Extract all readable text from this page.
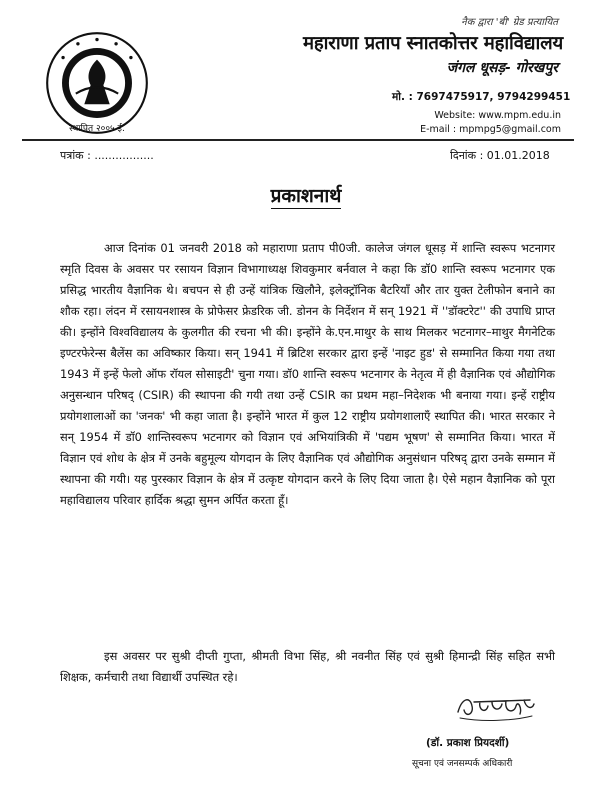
स्थापित २००५ ई.
नैक द्वारा 'बी' ग्रेड प्रत्यायित
महाराणा प्रताप स्नातकोत्तर महाविद्यालय
जंगल धूसड़- गोरखपुर
मो. : 7697475917, 9794299451
Website: www.mpm.edu.in
E-mail : mpmpg5@gmail.com
पत्रांक : .................	दिनांक : 01.01.2018
प्रकाशनार्थ
आज दिनांक 01 जनवरी 2018 को महाराणा प्रताप पी0जी. कालेज जंगल धूसड़ में शान्ति स्वरूप भटनागर स्मृति दिवस के अवसर पर रसायन विज्ञान विभागाध्यक्ष शिवकुमार बर्नवाल ने कहा कि डॉ0 शान्ति स्वरूप भटनागर एक प्रसिद्ध भारतीय वैज्ञानिक थे। बचपन से ही उन्हें यांत्रिक खिलौने, इलेक्ट्रॉनिक बैटरियाँ और तार युक्त टेलीफोन बनाने का शौक रहा। लंदन में रसायनशास्त्र के प्रोफेसर फ्रेडरिक जी. डोनन के निर्देशन में सन् 1921 में ''डॉक्टरेट'' की उपाधि प्राप्त की। इन्होंने विश्वविद्यालय के कुलगीत की रचना भी की। इन्होंने के.एन.माथुर के साथ मिलकर भटनागर–माथुर मैगनेटिक इण्टरफेरेन्स बैलेंस का अविष्कार किया। सन् 1941 में ब्रिटिश सरकार द्वारा इन्हें 'नाइट हुड' से सम्मानित किया गया तथा 1943 में इन्हें फेलो ऑफ रॉयल सोसाइटी' चुना गया। डॉ0 शान्ति स्वरूप भटनागर के नेतृत्व में ही वैज्ञानिक एवं औद्योगिक अनुसन्धान परिषद् (CSIR) की स्थापना की गयी तथा उन्हें CSIR का प्रथम महा–निदेशक भी बनाया गया। इन्हें राष्ट्रीय प्रयोगशालाओं का 'जनक' भी कहा जाता है। इन्होंने भारत में कुल 12 राष्ट्रीय प्रयोगशालाएँ स्थापित की। भारत सरकार ने सन् 1954 में डॉ0 शान्तिस्वरूप भटनागर को विज्ञान एवं अभियांत्रिकी में 'पद्यम भूषण' से सम्मानित किया। भारत में विज्ञान एवं शोध के क्षेत्र में उनके बहुमूल्य योगदान के लिए वैज्ञानिक एवं औद्योगिक अनुसंधान परिषद् द्वारा उनके सम्मान में स्थापना की गयी। यह पुरस्कार विज्ञान के क्षेत्र में उत्कृष्ट योगदान करने के लिए दिया जाता है। ऐसे महान वैज्ञानिक को पूरा महाविद्यालय परिवार हार्दिक श्रद्धा सुमन अर्पित करता हूँ।
इस अवसर पर सुश्री दीप्ती गुप्ता, श्रीमती विभा सिंह, श्री नवनीत सिंह एवं सुश्री हिमान्द्री सिंह सहित सभी शिक्षक, कर्मचारी तथा विद्यार्थी उपस्थित रहे।
(डॉ. प्रकाश प्रियदर्शी)
सूचना एवं जनसम्पर्क अधिकारी
